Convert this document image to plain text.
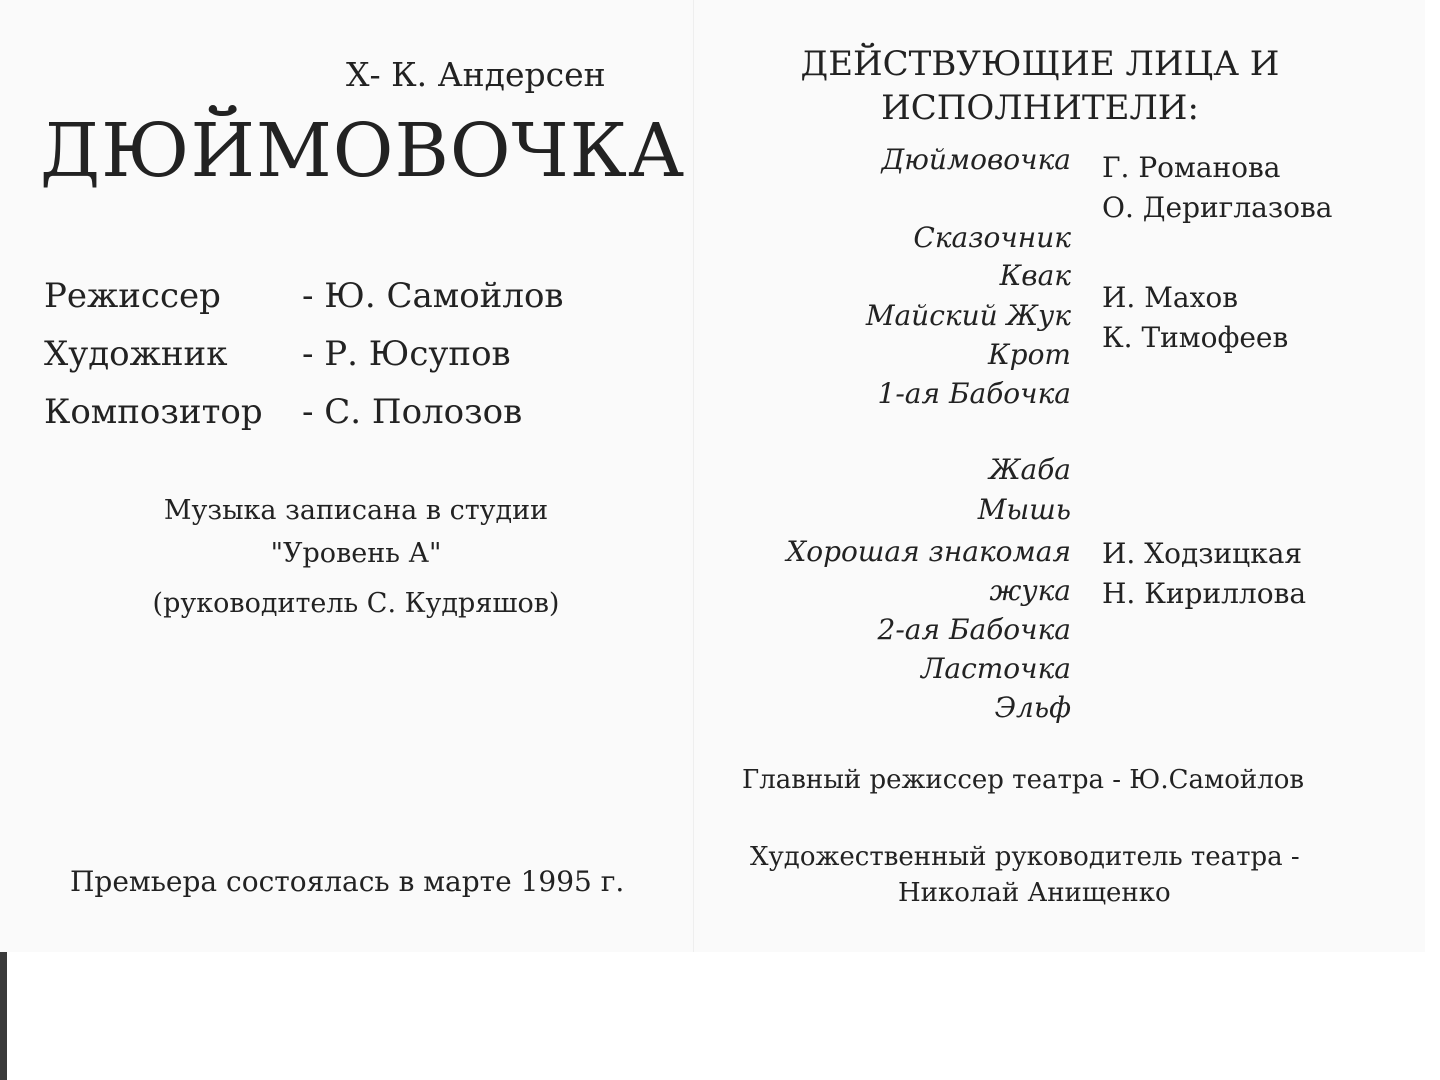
Х- К. Андерсен
ДЮЙМОВОЧКА
Режиссер - Ю. Самойлов
Художник - Р. Юсупов
Композитор - С. Полозов
Музыка записана в студии
"Уровень А"
(руководитель С. Кудряшов)
Премьера состоялась в марте 1995 г.
ДЕЙСТВУЮЩИЕ ЛИЦА И
ИСПОЛНИТЕЛИ:
Дюймовочка
Сказочник
Квак
Майский Жук
Крот
1-ая Бабочка
Жаба
Мышь
Хорошая знакомая
жука
2-ая Бабочка
Ласточка
Эльф
Г. Романова
О. Дериглазова
И. Махов
К. Тимофеев
И. Ходзицкая
Н. Кириллова
Главный режиссер театра - Ю.Самойлов
Художественный руководитель театра -
Николай Анищенко
